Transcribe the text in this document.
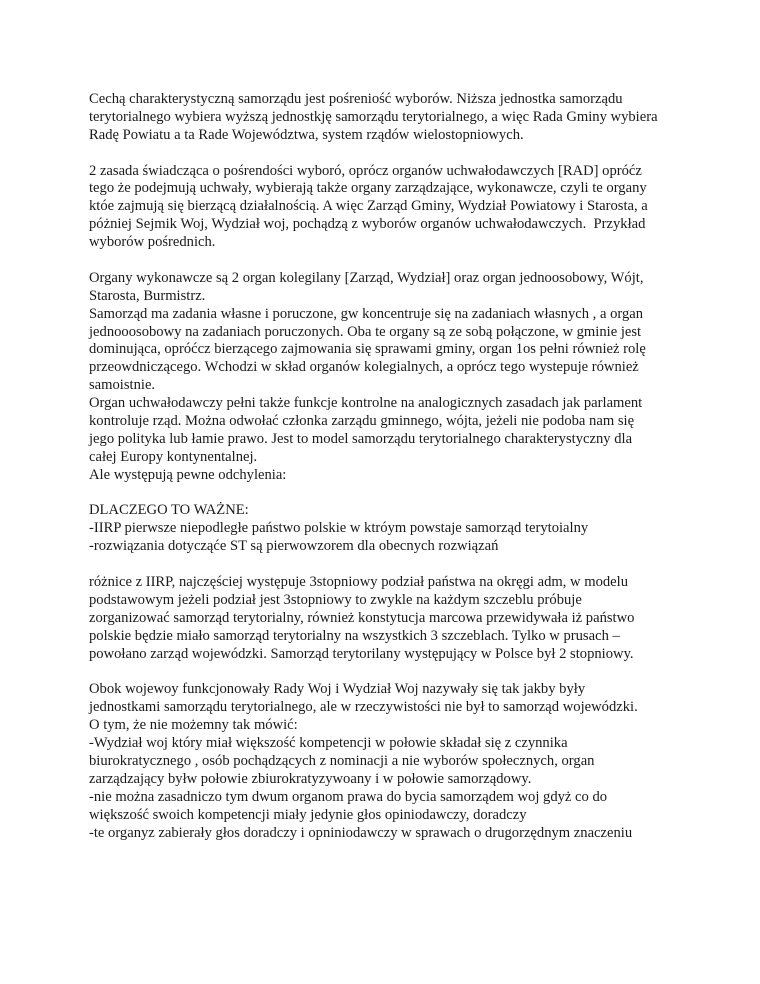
Cechą charakterystyczną samorządu jest pośreniość wyborów. Niższa jednostka samorządu
terytorialnego wybiera wyższą jednostkję samorządu terytorialnego, a więc Rada Gminy wybiera
Radę Powiatu a ta Rade Województwa, system rządów wielostopniowych.
2 zasada świadcząca o pośrendości wyboró, oprócz organów uchwałodawczych [RAD] opróćz
tego że podejmują uchwały, wybierają także organy zarządzające, wykonawcze, czyli te organy
któe zajmują się bierzącą działalnością. A więc Zarząd Gminy, Wydział Powiatowy i Starosta, a
póżniej Sejmik Woj, Wydział woj, pochądzą z wyborów organów uchwałodawczych.  Przykład
wyborów pośrednich.
Organy wykonawcze są 2 organ kolegilany [Zarząd, Wydział] oraz organ jednoosobowy, Wójt,
Starosta, Burmistrz.
Samorząd ma zadania własne i poruczone, gw koncentruje się na zadaniach własnych , a organ
jednooosobowy na zadaniach poruczonych. Oba te organy są ze sobą połączone, w gminie jest
dominująca, opróćcz bierzącego zajmowania się sprawami gminy, organ 1os pełni również rolę
przeowdniczącego. Wchodzi w skład organów kolegialnych, a oprócz tego wystepuje również
samoistnie.
Organ uchwałodawczy pełni także funkcje kontrolne na analogicznych zasadach jak parlament
kontroluje rząd. Można odwołać członka zarządu gminnego, wójta, jeżeli nie podoba nam się
jego polityka lub łamie prawo. Jest to model samorządu terytorialnego charakterystyczny dla
całej Europy kontynentalnej.
Ale występują pewne odchylenia:
DLACZEGO TO WAŻNE:
-IIRP pierwsze niepodległe państwo polskie w ktróym powstaje samorząd terytoialny
-rozwiązania dotycząće ST są pierwowzorem dla obecnych rozwiązań
różnice z IIRP, najczęściej występuje 3stopniowy podział państwa na okręgi adm, w modelu
podstawowym jeżeli podział jest 3stopniowy to zwykle na każdym szczeblu próbuje
zorganizować samorząd terytorialny, również konstytucja marcowa przewidywała iż państwo
polskie będzie miało samorząd terytorialny na wszystkich 3 szczeblach. Tylko w prusach –
powołano zarząd wojewódzki. Samorząd terytorilany występujący w Polsce był 2 stopniowy.
Obok wojewoy funkcjonowały Rady Woj i Wydział Woj nazywały się tak jakby były
jednostkami samorządu terytorialnego, ale w rzeczywistości nie był to samorząd wojewódzki.
O tym, że nie możemny tak mówić:
-Wydział woj który miał większość kompetencji w połowie składał się z czynnika
biurokratycznego , osób pochądzących z nominacji a nie wyborów społecznych, organ
zarządzający byłw połowie zbiurokratyzywoany i w połowie samorządowy.
-nie można zasadniczo tym dwum organom prawa do bycia samorządem woj gdyż co do
większość swoich kompetencji miały jedynie głos opiniodawczy, doradczy
-te organyz zabierały głos doradczy i opniniodawczy w sprawach o drugorzędnym znaczeniu
